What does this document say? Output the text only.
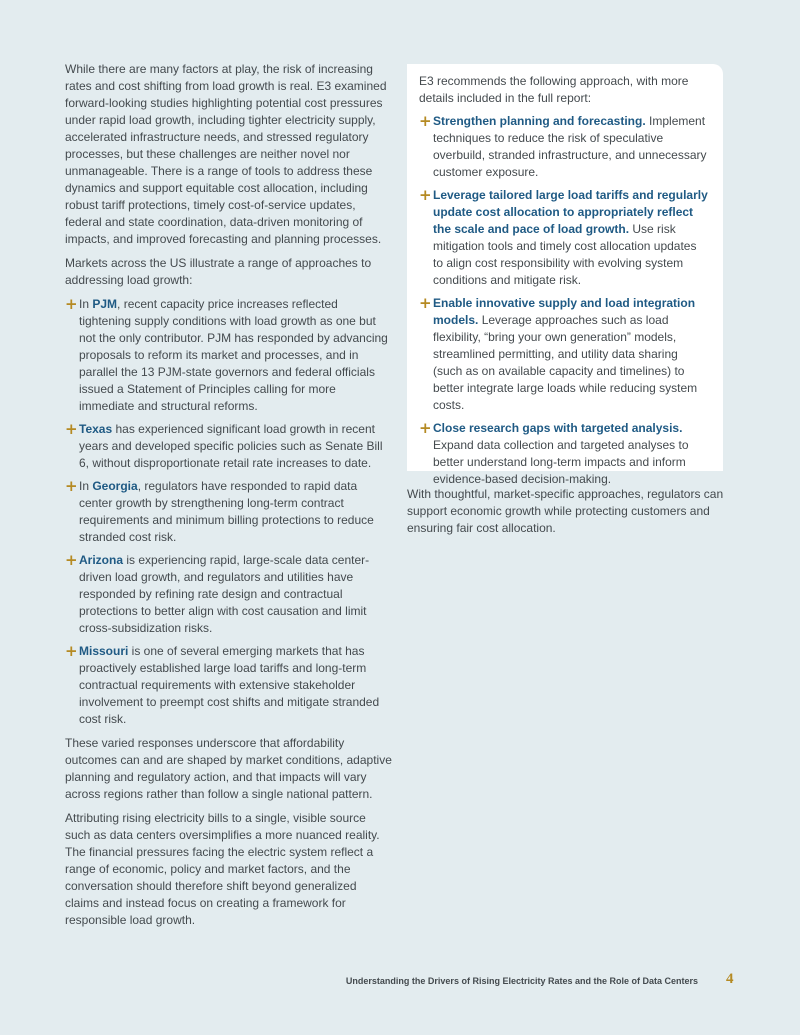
While there are many factors at play, the risk of increasing rates and cost shifting from load growth is real. E3 examined forward-looking studies highlighting potential cost pressures under rapid load growth, including tighter electricity supply, accelerated infrastructure needs, and stressed regulatory processes, but these challenges are neither novel nor unmanageable. There is a range of tools to address these dynamics and support equitable cost allocation, including robust tariff protections, timely cost-of-service updates, federal and state coordination, data-driven monitoring of impacts, and improved forecasting and planning processes.

Markets across the US illustrate a range of approaches to addressing load growth:

+ In PJM, recent capacity price increases reflected tightening supply conditions with load growth as one but not the only contributor. PJM has responded by advancing proposals to reform its market and processes, and in parallel the 13 PJM-state governors and federal officials issued a Statement of Principles calling for more immediate and structural reforms.
+ Texas has experienced significant load growth in recent years and developed specific policies such as Senate Bill 6, without disproportionate retail rate increases to date.
+ In Georgia, regulators have responded to rapid data center growth by strengthening long-term contract requirements and minimum billing protections to reduce stranded cost risk.
+ Arizona is experiencing rapid, large-scale data center-driven load growth, and regulators and utilities have responded by refining rate design and contractual protections to better align with cost causation and limit cross-subsidization risks.
+ Missouri is one of several emerging markets that has proactively established large load tariffs and long-term contractual requirements with extensive stakeholder involvement to preempt cost shifts and mitigate stranded cost risk.

These varied responses underscore that affordability outcomes can and are shaped by market conditions, adaptive planning and regulatory action, and that impacts will vary across regions rather than follow a single national pattern.

Attributing rising electricity bills to a single, visible source such as data centers oversimplifies a more nuanced reality. The financial pressures facing the electric system reflect a range of economic, policy and market factors, and the conversation should therefore shift beyond generalized claims and instead focus on creating a framework for responsible load growth.

E3 recommends the following approach, with more details included in the full report:

+ Strengthen planning and forecasting. Implement techniques to reduce the risk of speculative overbuild, stranded infrastructure, and unnecessary customer exposure.
+ Leverage tailored large load tariffs and regularly update cost allocation to appropriately reflect the scale and pace of load growth. Use risk mitigation tools and timely cost allocation updates to align cost responsibility with evolving system conditions and mitigate risk.
+ Enable innovative supply and load integration models. Leverage approaches such as load flexibility, “bring your own generation” models, streamlined permitting, and utility data sharing (such as on available capacity and timelines) to better integrate large loads while reducing system costs.
+ Close research gaps with targeted analysis. Expand data collection and targeted analyses to better understand long-term impacts and inform evidence-based decision-making.

With thoughtful, market-specific approaches, regulators can support economic growth while protecting customers and ensuring fair cost allocation.

Understanding the Drivers of Rising Electricity Rates and the Role of Data Centers 4
